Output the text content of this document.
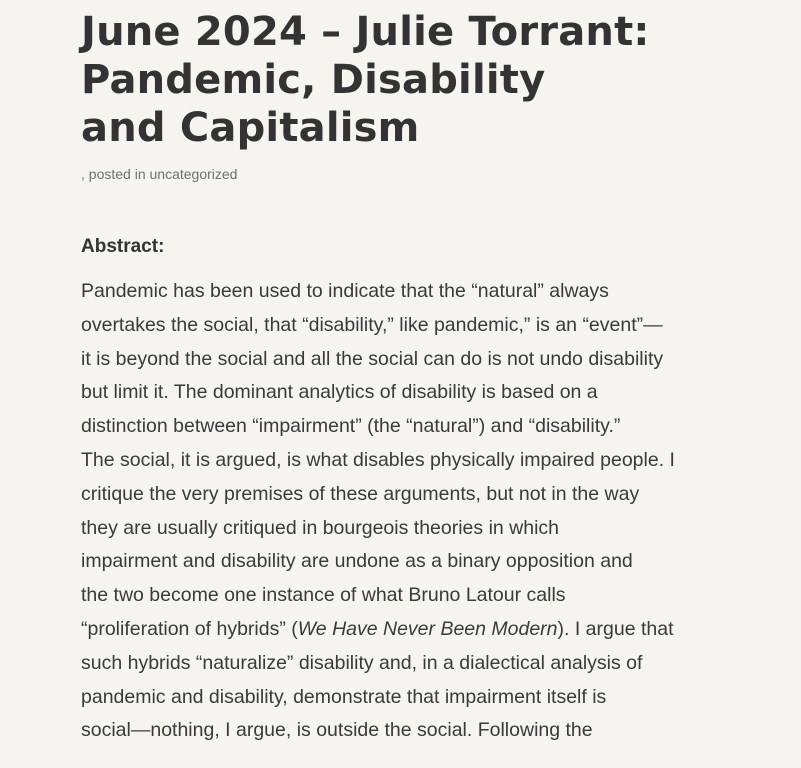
June 2024 – Julie Torrant:
Pandemic, Disability
and Capitalism
, posted in uncategorized
Abstract:

Pandemic has been used to indicate that the “natural” always
overtakes the social, that “disability,” like pandemic,” is an “event”—
it is beyond the social and all the social can do is not undo disability
but limit it. The dominant analytics of disability is based on a
distinction between “impairment” (the “natural”) and “disability.”
The social, it is argued, is what disables physically impaired people. I
critique the very premises of these arguments, but not in the way
they are usually critiqued in bourgeois theories in which
impairment and disability are undone as a binary opposition and
the two become one instance of what Bruno Latour calls
“proliferation of hybrids” (We Have Never Been Modern). I argue that
such hybrids “naturalize” disability and, in a dialectical analysis of
pandemic and disability, demonstrate that impairment itself is
social—nothing, I argue, is outside the social. Following the
